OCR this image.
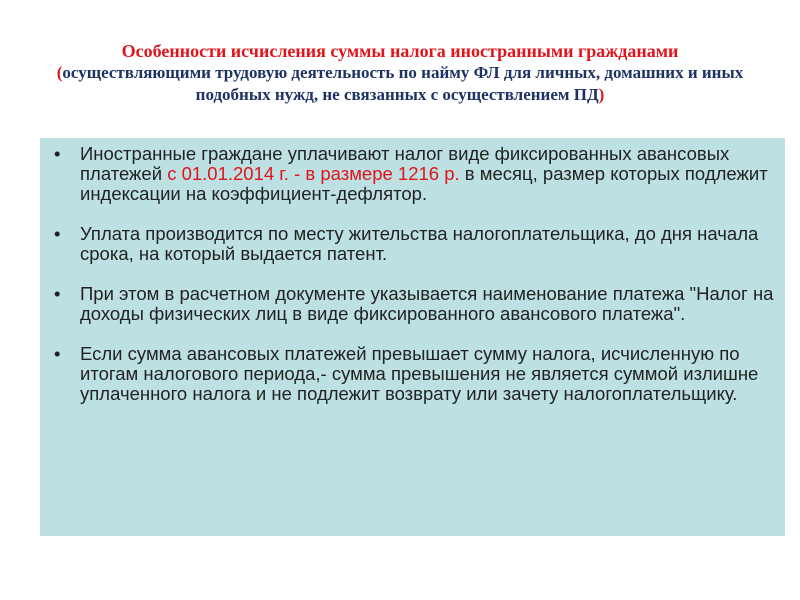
Особенности исчисления суммы налога иностранными гражданами
(осуществляющими трудовую деятельность по найму ФЛ для личных, домашних и иных подобных нужд, не связанных с осуществлением ПД)
• Иностранные граждане уплачивают налог виде фиксированных авансовых платежей с 01.01.2014 г. - в размере 1216 р. в месяц, размер которых подлежит индексации на коэффициент-дефлятор.
• Уплата производится по месту жительства налогоплательщика, до дня начала срока, на который выдается патент.
• При этом в расчетном документе указывается наименование платежа "Налог на доходы физических лиц в виде фиксированного авансового платежа".
• Если сумма авансовых платежей превышает сумму налога, исчисленную по итогам налогового периода,- сумма превышения не является суммой излишне уплаченного налога и не подлежит возврату или зачету налогоплательщику.
